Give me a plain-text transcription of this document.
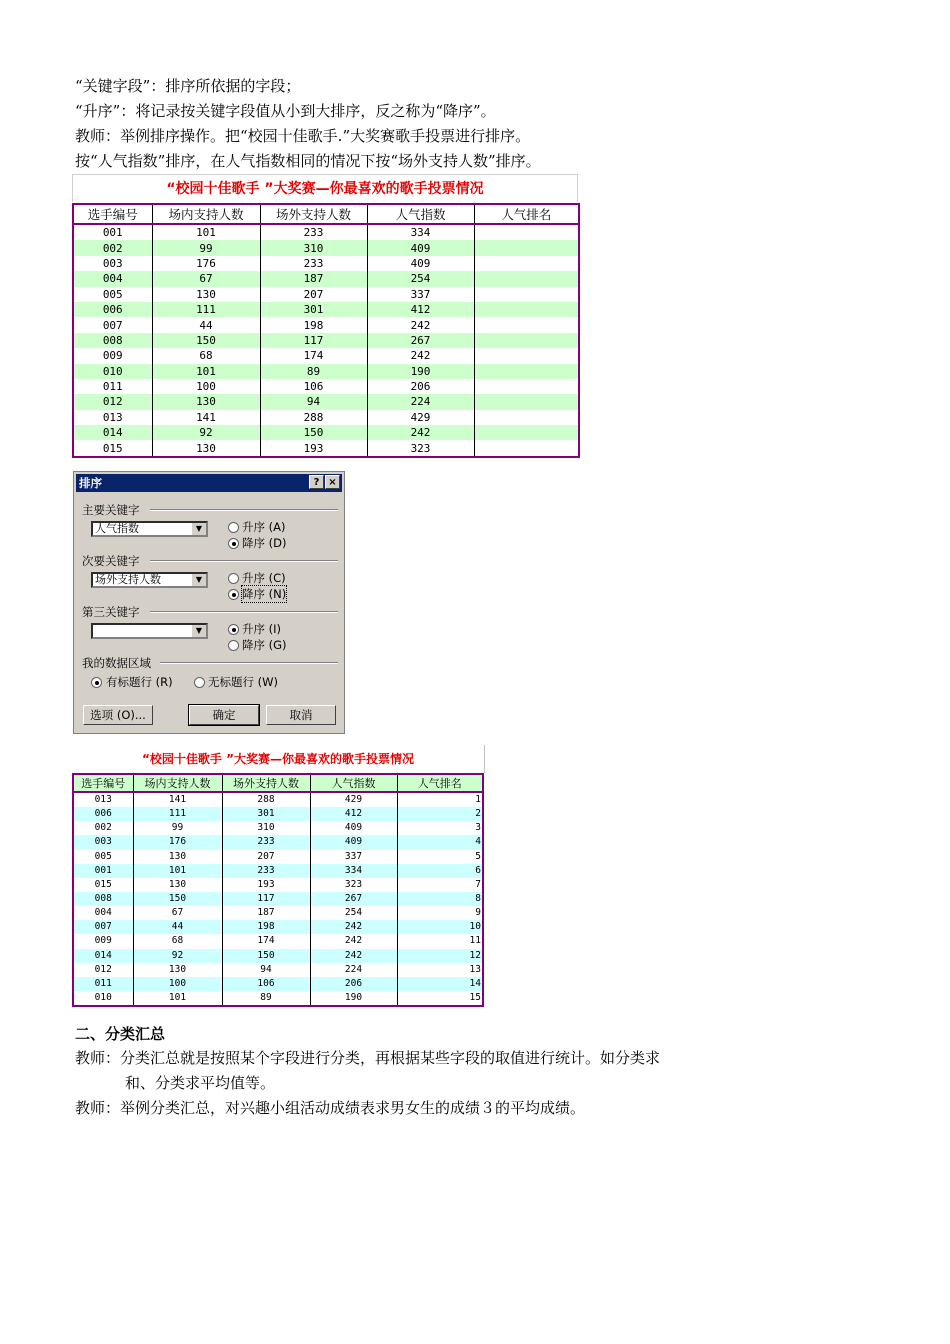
“关键字段”：排序所依据的字段；
“升序”：将记录按关键字段值从小到大排序，反之称为“降序”。
教师：举例排序操作。把“校园十佳歌手.”大奖赛歌手投票进行排序。
按“人气指数”排序，在人气指数相同的情况下按“场外支持人数”排序。
“校园十佳歌手 ”大奖赛—你最喜欢的歌手投票情况
选手编号	场内支持人数	场外支持人数	人气指数	人气排名
001	101	233	334	
002	99	310	409	
003	176	233	409	
004	67	187	254	
005	130	207	337	
006	111	301	412	
007	44	198	242	
008	150	117	267	
009	68	174	242	
010	101	89	190	
011	100	106	206	
012	130	94	224	
013	141	288	429	
014	92	150	242	
015	130	193	323	
排序	? ×
主要关键字
人气指数	▼	升序 (A)
降序 (D)
次要关键字
场外支持人数	▼	升序 (C)
降序 (N)
第三关键字
▼	升序 (I)
降序 (G)
我的数据区域
有标题行 (R)	无标题行 (W)
选项 (O)...	确定	取消
“校园十佳歌手 ”大奖赛—你最喜欢的歌手投票情况
选手编号	场内支持人数	场外支持人数	人气指数	人气排名
013	141	288	429	1
006	111	301	412	2
002	99	310	409	3
003	176	233	409	4
005	130	207	337	5
001	101	233	334	6
015	130	193	323	7
008	150	117	267	8
004	67	187	254	9
007	44	198	242	10
009	68	174	242	11
014	92	150	242	12
012	130	94	224	13
011	100	106	206	14
010	101	89	190	15
二、分类汇总
教师：分类汇总就是按照某个字段进行分类，再根据某些字段的取值进行统计。如分类求
和、分类求平均值等。
教师：举例分类汇总，对兴趣小组活动成绩表求男女生的成绩３的平均成绩。
